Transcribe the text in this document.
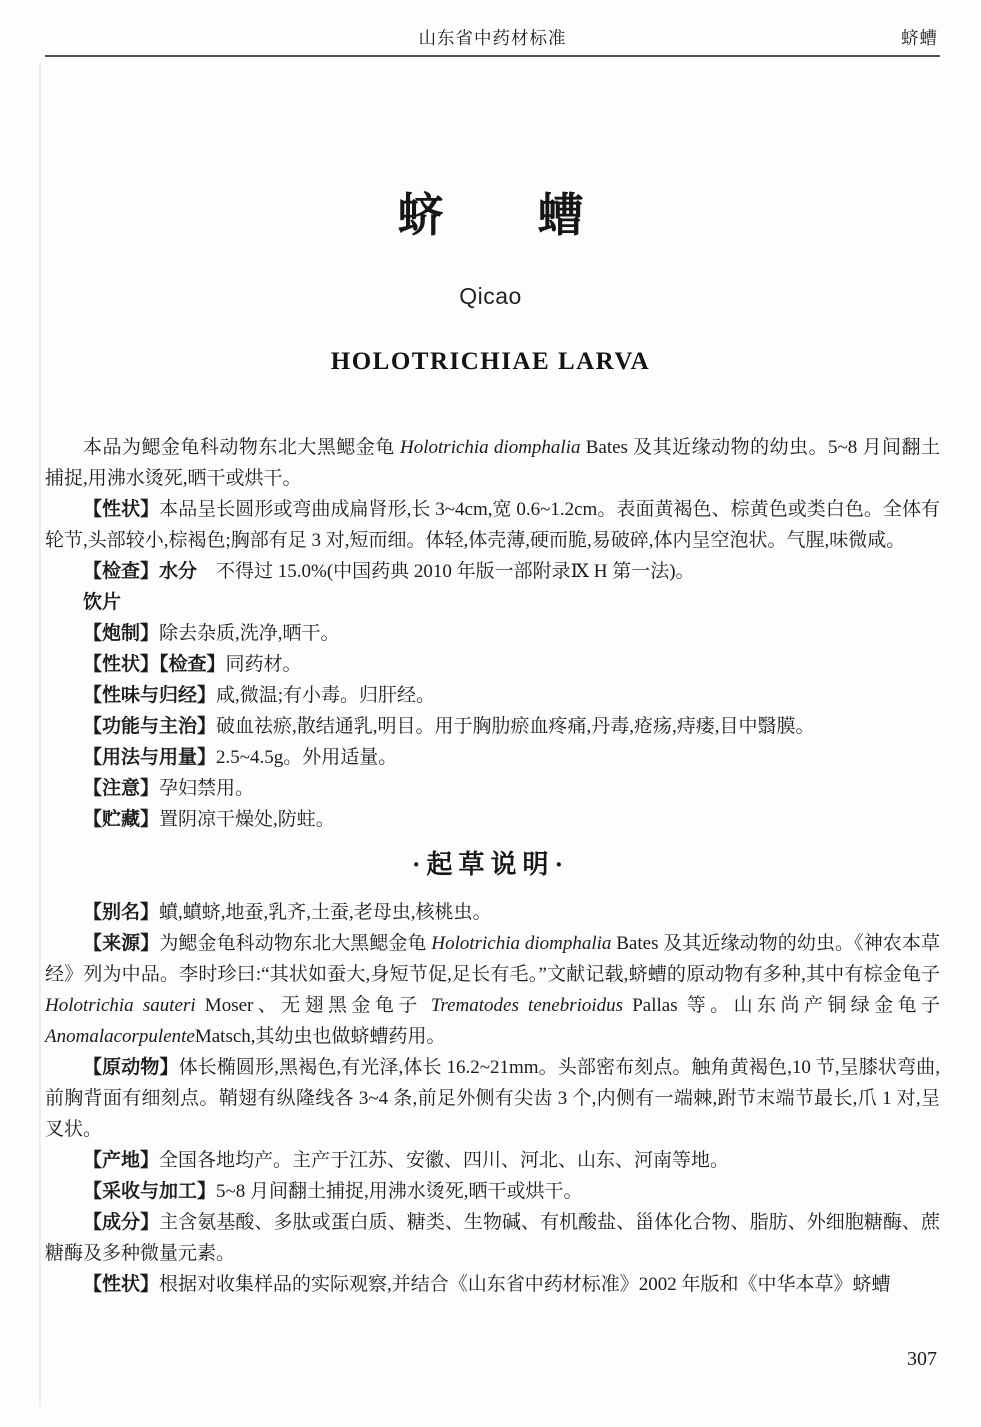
山东省中药材标准	蛴螬
蛴 螬
Qicao
HOLOTRICHIAE LARVA

本品为鳃金龟科动物东北大黑鳃金龟 Holotrichia diomphalia Bates 及其近缘动物的幼虫。5~8 月间翻土捕捉,用沸水烫死,晒干或烘干。

【性状】本品呈长圆形或弯曲成扁肾形,长 3~4cm,宽 0.6~1.2cm。表面黄褐色、棕黄色或类白色。全体有轮节,头部较小,棕褐色;胸部有足 3 对,短而细。体轻,体壳薄,硬而脆,易破碎,体内呈空泡状。气腥,味微咸。

【检查】水分　不得过 15.0%(中国药典 2010 年版一部附录Ⅸ H 第一法)。

饮片

【炮制】除去杂质,洗净,晒干。

【性状】【检查】同药材。

【性味与归经】咸,微温;有小毒。归肝经。

【功能与主治】破血祛瘀,散结通乳,明目。用于胸肋瘀血疼痛,丹毒,疮疡,痔瘘,目中翳膜。

【用法与用量】2.5~4.5g。外用适量。

【注意】孕妇禁用。

【贮藏】置阴凉干燥处,防蛀。

·起草说明·

【别名】蟦,蟦蛴,地蚕,乳齐,土蚕,老母虫,核桃虫。

【来源】为鳃金龟科动物东北大黑鳃金龟 Holotrichia diomphalia Bates 及其近缘动物的幼虫。《神农本草经》列为中品。李时珍曰:“其状如蚕大,身短节促,足长有毛。”文献记载,蛴螬的原动物有多种,其中有棕金龟子 Holotrichia sauteri Moser、无翅黑金龟子 Trematodes tenebrioidus Pallas 等。山东尚产铜绿金龟子 AnomalacorpulenteMatsch,其幼虫也做蛴螬药用。

【原动物】体长椭圆形,黑褐色,有光泽,体长 16.2~21mm。头部密布刻点。触角黄褐色,10 节,呈膝状弯曲,前胸背面有细刻点。鞘翅有纵隆线各 3~4 条,前足外侧有尖齿 3 个,内侧有一端棘,跗节末端节最长,爪 1 对,呈叉状。

【产地】全国各地均产。主产于江苏、安徽、四川、河北、山东、河南等地。

【采收与加工】5~8 月间翻土捕捉,用沸水烫死,晒干或烘干。

【成分】主含氨基酸、多肽或蛋白质、糖类、生物碱、有机酸盐、甾体化合物、脂肪、外细胞糖酶、蔗糖酶及多种微量元素。

【性状】根据对收集样品的实际观察,并结合《山东省中药材标准》2002 年版和《中华本草》蛴螬

307
